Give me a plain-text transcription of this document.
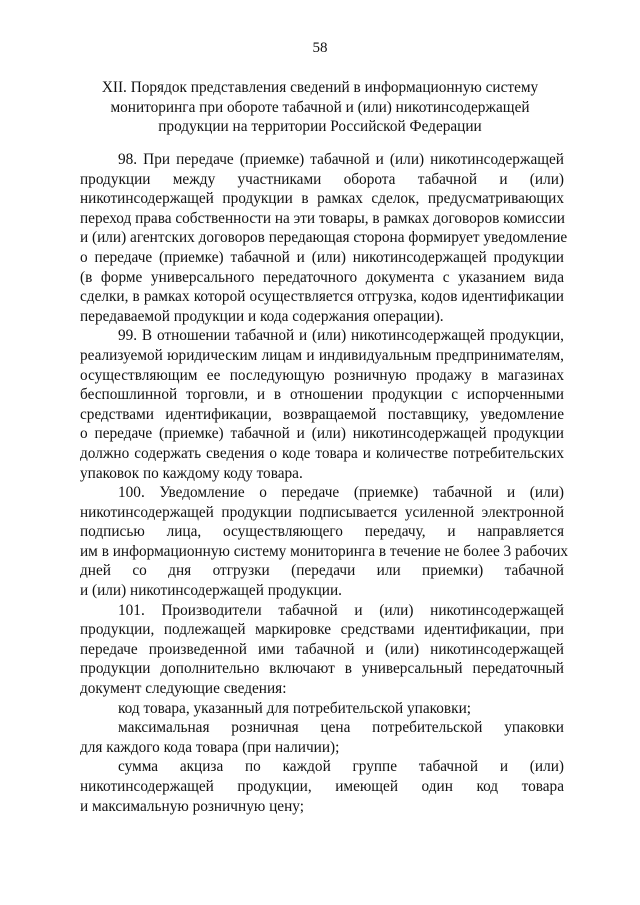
58
XII. Порядок представления сведений в информационную систему
мониторинга при обороте табачной и (или) никотинсодержащей
продукции на территории Российской Федерации
98. При передаче (приемке) табачной и (или) никотинсодержащей
продукции между участниками оборота табачной и (или)
никотинсодержащей продукции в рамках сделок, предусматривающих
переход права собственности на эти товары, в рамках договоров комиссии
и (или) агентских договоров передающая сторона формирует уведомление
о передаче (приемке) табачной и (или) никотинсодержащей продукции
(в форме универсального передаточного документа с указанием вида
сделки, в рамках которой осуществляется отгрузка, кодов идентификации
передаваемой продукции и кода содержания операции).
99. В отношении табачной и (или) никотинсодержащей продукции,
реализуемой юридическим лицам и индивидуальным предпринимателям,
осуществляющим ее последующую розничную продажу в магазинах
беспошлинной торговли, и в отношении продукции с испорченными
средствами идентификации, возвращаемой поставщику, уведомление
о передаче (приемке) табачной и (или) никотинсодержащей продукции
должно содержать сведения о коде товара и количестве потребительских
упаковок по каждому коду товара.
100. Уведомление о передаче (приемке) табачной и (или)
никотинсодержащей продукции подписывается усиленной электронной
подписью лица, осуществляющего передачу, и направляется
им в информационную систему мониторинга в течение не более 3 рабочих
дней со дня отгрузки (передачи или приемки) табачной
и (или) никотинсодержащей продукции.
101. Производители табачной и (или) никотинсодержащей
продукции, подлежащей маркировке средствами идентификации, при
передаче произведенной ими табачной и (или) никотинсодержащей
продукции дополнительно включают в универсальный передаточный
документ следующие сведения:
код товара, указанный для потребительской упаковки;
максимальная розничная цена потребительской упаковки
для каждого кода товара (при наличии);
сумма акциза по каждой группе табачной и (или)
никотинсодержащей продукции, имеющей один код товара
и максимальную розничную цену;
